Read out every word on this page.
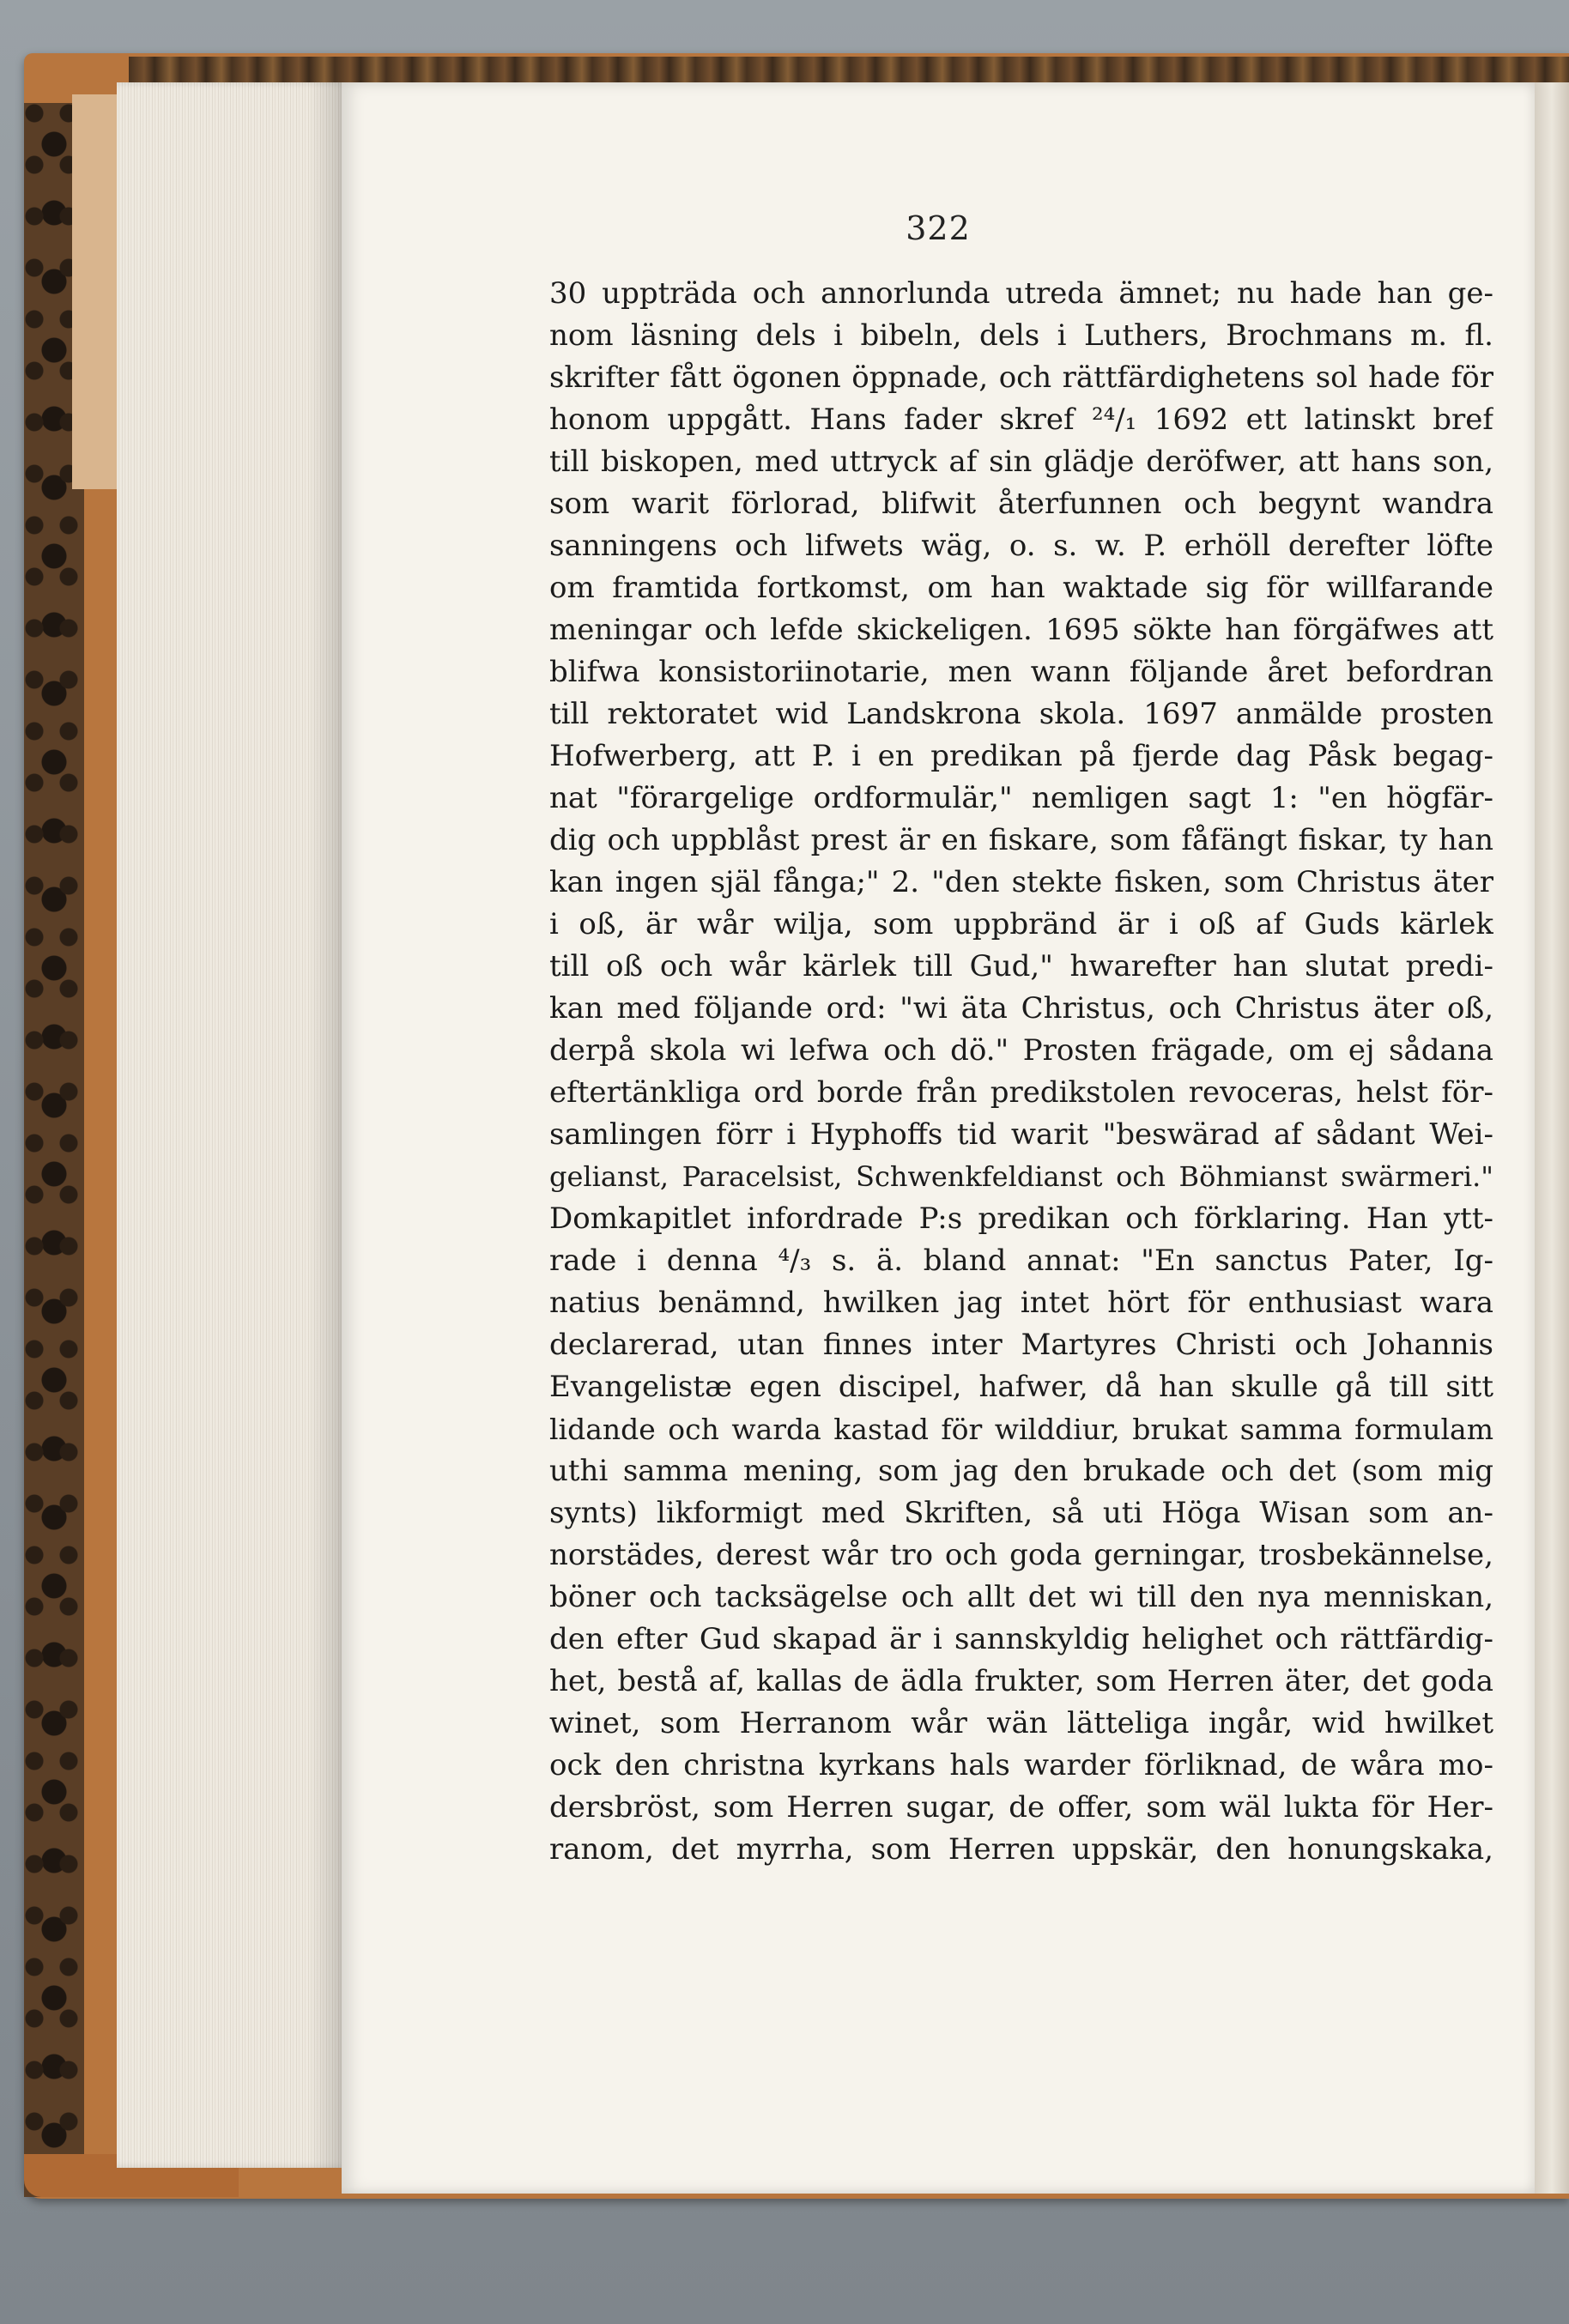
322
30 uppträda och annorlunda utreda ämnet; nu hade han ge-
nom läsning dels i bibeln, dels i Luthers, Brochmans m. fl.
skrifter fått ögonen öppnade, och rättfärdighetens sol hade för
honom uppgått. Hans fader skref ²⁴/₁ 1692 ett latinskt bref
till biskopen, med uttryck af sin glädje deröfwer, att hans son,
som warit förlorad, blifwit återfunnen och begynt wandra
sanningens och lifwets wäg, o. s. w. P. erhöll derefter löfte
om framtida fortkomst, om han waktade sig för willfarande
meningar och lefde skickeligen. 1695 sökte han förgäfwes att
blifwa konsistoriinotarie, men wann följande året befordran
till rektoratet wid Landskrona skola. 1697 anmälde prosten
Hofwerberg, att P. i en predikan på fjerde dag Påsk begag-
nat "förargelige ordformulär," nemligen sagt 1: "en högfär-
dig och uppblåst prest är en fiskare, som fåfängt fiskar, ty han
kan ingen själ fånga;" 2. "den stekte fisken, som Christus äter
i oß, är wår wilja, som uppbränd är i oß af Guds kärlek
till oß och wår kärlek till Gud," hwarefter han slutat predi-
kan med följande ord: "wi äta Christus, och Christus äter oß,
derpå skola wi lefwa och dö." Prosten frägade, om ej sådana
eftertänkliga ord borde från predikstolen revoceras, helst för-
samlingen förr i Hyphoffs tid warit "beswärad af sådant Wei-
gelianst, Paracelsist, Schwenkfeldianst och Böhmianst swärmeri."
Domkapitlet infordrade P:s predikan och förklaring. Han ytt-
rade i denna ⁴/₃ s. ä. bland annat: "En sanctus Pater, Ig-
natius benämnd, hwilken jag intet hört för enthusiast wara
declarerad, utan finnes inter Martyres Christi och Johannis
Evangelistæ egen discipel, hafwer, då han skulle gå till sitt
lidande och warda kastad för wilddiur, brukat samma formulam
uthi samma mening, som jag den brukade och det (som mig
synts) likformigt med Skriften, så uti Höga Wisan som an-
norstädes, derest wår tro och goda gerningar, trosbekännelse,
böner och tacksägelse och allt det wi till den nya menniskan,
den efter Gud skapad är i sannskyldig helighet och rättfärdig-
het, bestå af, kallas de ädla frukter, som Herren äter, det goda
winet, som Herranom wår wän lätteliga ingår, wid hwilket
ock den christna kyrkans hals warder förliknad, de wåra mo-
dersbröst, som Herren sugar, de offer, som wäl lukta för Her-
ranom, det myrrha, som Herren uppskär, den honungskaka,
